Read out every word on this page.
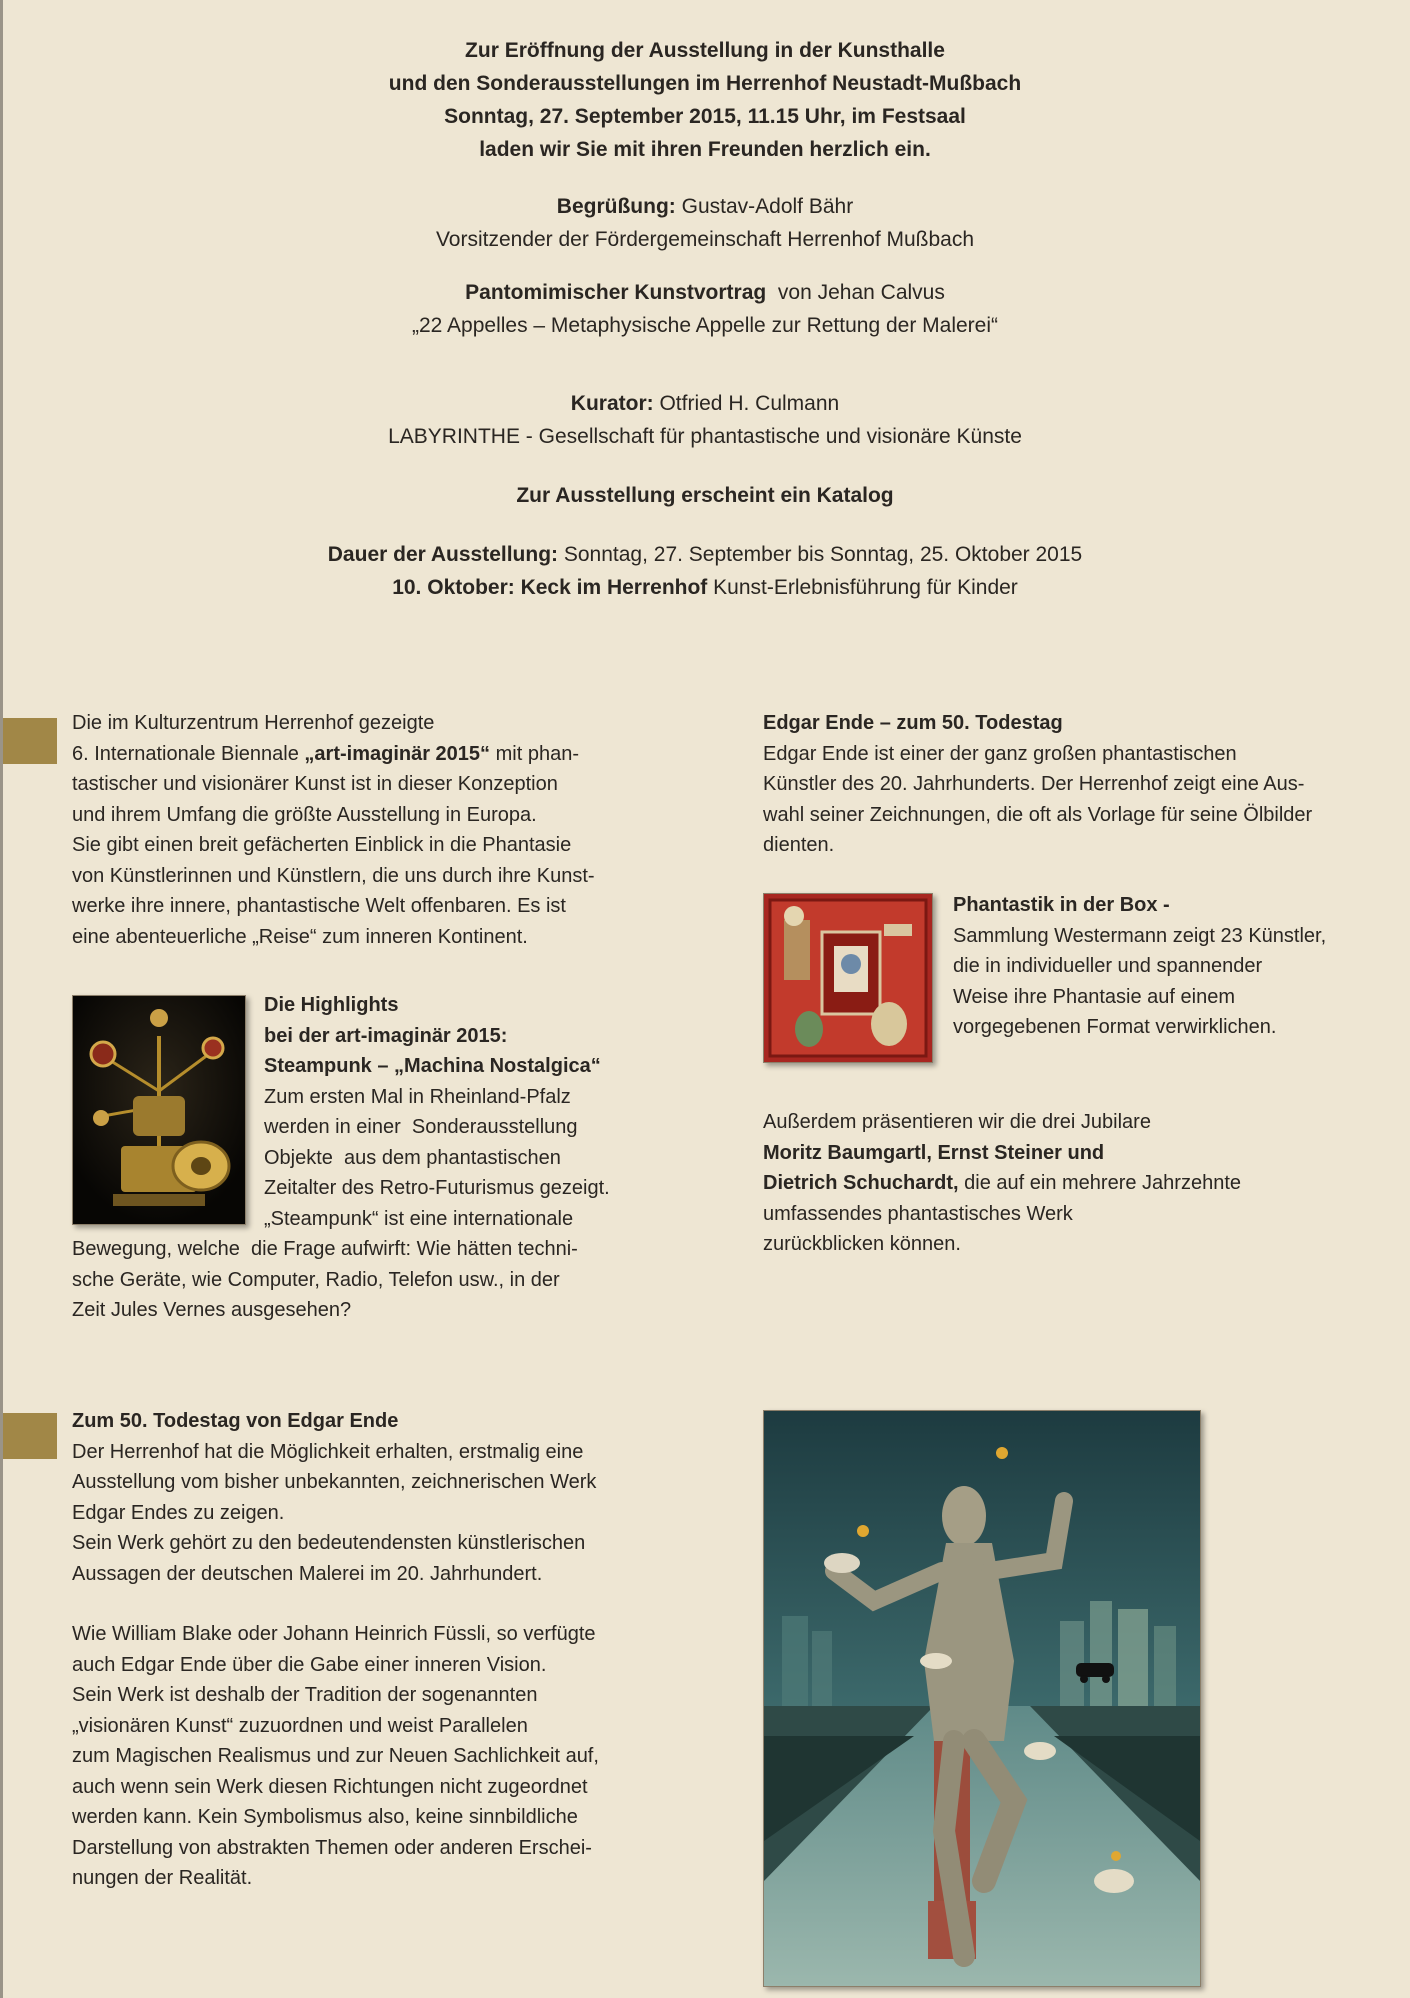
Zur Eröffnung der Ausstellung in der Kunsthalle

und den Sonderausstellungen im Herrenhof Neustadt-Mußbach

Sonntag, 27. September 2015, 11.15 Uhr, im Festsaal

laden wir Sie mit ihren Freunden herzlich ein.

Begrüßung: Gustav-Adolf Bähr

Vorsitzender der Fördergemeinschaft Herrenhof Mußbach

Pantomimischer Kunstvortrag  von Jehan Calvus

„22 Appelles – Metaphysische Appelle zur Rettung der Malerei“

Kurator: Otfried H. Culmann

LABYRINTHE - Gesellschaft für phantastische und visionäre Künste

Zur Ausstellung erscheint ein Katalog

Dauer der Ausstellung: Sonntag, 27. September bis Sonntag, 25. Oktober 2015

10. Oktober: Keck im Herrenhof Kunst-Erlebnisführung für Kinder

Die im Kulturzentrum Herrenhof gezeigte

6. Internationale Biennale „art-imaginär 2015“ mit phan-

tastischer und visionärer Kunst ist in dieser Konzeption

und ihrem Umfang die größte Ausstellung in Europa.

Sie gibt einen breit gefächerten Einblick in die Phantasie

von Künstlerinnen und Künstlern, die uns durch ihre Kunst-

werke ihre innere, phantastische Welt offenbaren. Es ist

eine abenteuerliche „Reise“ zum inneren Kontinent.

Die Highlights

bei der art-imaginär 2015:

Steampunk – „Machina Nostalgica“

Zum ersten Mal in Rheinland-Pfalz

werden in einer  Sonderausstellung

Objekte  aus dem phantastischen

Zeitalter des Retro-Futurismus gezeigt.

„Steampunk“ ist eine internationale

Bewegung, welche  die Frage aufwirft: Wie hätten techni-

sche Geräte, wie Computer, Radio, Telefon usw., in der

Zeit Jules Vernes ausgesehen?

Edgar Ende – zum 50. Todestag

Edgar Ende ist einer der ganz großen phantastischen

Künstler des 20. Jahrhunderts. Der Herrenhof zeigt eine Aus-

wahl seiner Zeichnungen, die oft als Vorlage für seine Ölbilder

dienten.

Phantastik in der Box -

Sammlung Westermann zeigt 23 Künstler,

die in individueller und spannender

Weise ihre Phantasie auf einem

vorgegebenen Format verwirklichen.

Außerdem präsentieren wir die drei Jubilare

Moritz Baumgartl, Ernst Steiner und

Dietrich Schuchardt, die auf ein mehrere Jahrzehnte

umfassendes phantastisches Werk

zurückblicken können.

Zum 50. Todestag von Edgar Ende

Der Herrenhof hat die Möglichkeit erhalten, erstmalig eine

Ausstellung vom bisher unbekannten, zeichnerischen Werk

Edgar Endes zu zeigen.

Sein Werk gehört zu den bedeutendensten künstlerischen

Aussagen der deutschen Malerei im 20. Jahrhundert.

Wie William Blake oder Johann Heinrich Füssli, so verfügte

auch Edgar Ende über die Gabe einer inneren Vision.

Sein Werk ist deshalb der Tradition der sogenannten

„visionären Kunst“ zuzuordnen und weist Parallelen

zum Magischen Realismus und zur Neuen Sachlichkeit auf,

auch wenn sein Werk diesen Richtungen nicht zugeordnet

werden kann. Kein Symbolismus also, keine sinnbildliche

Darstellung von abstrakten Themen oder anderen Erschei-

nungen der Realität.
